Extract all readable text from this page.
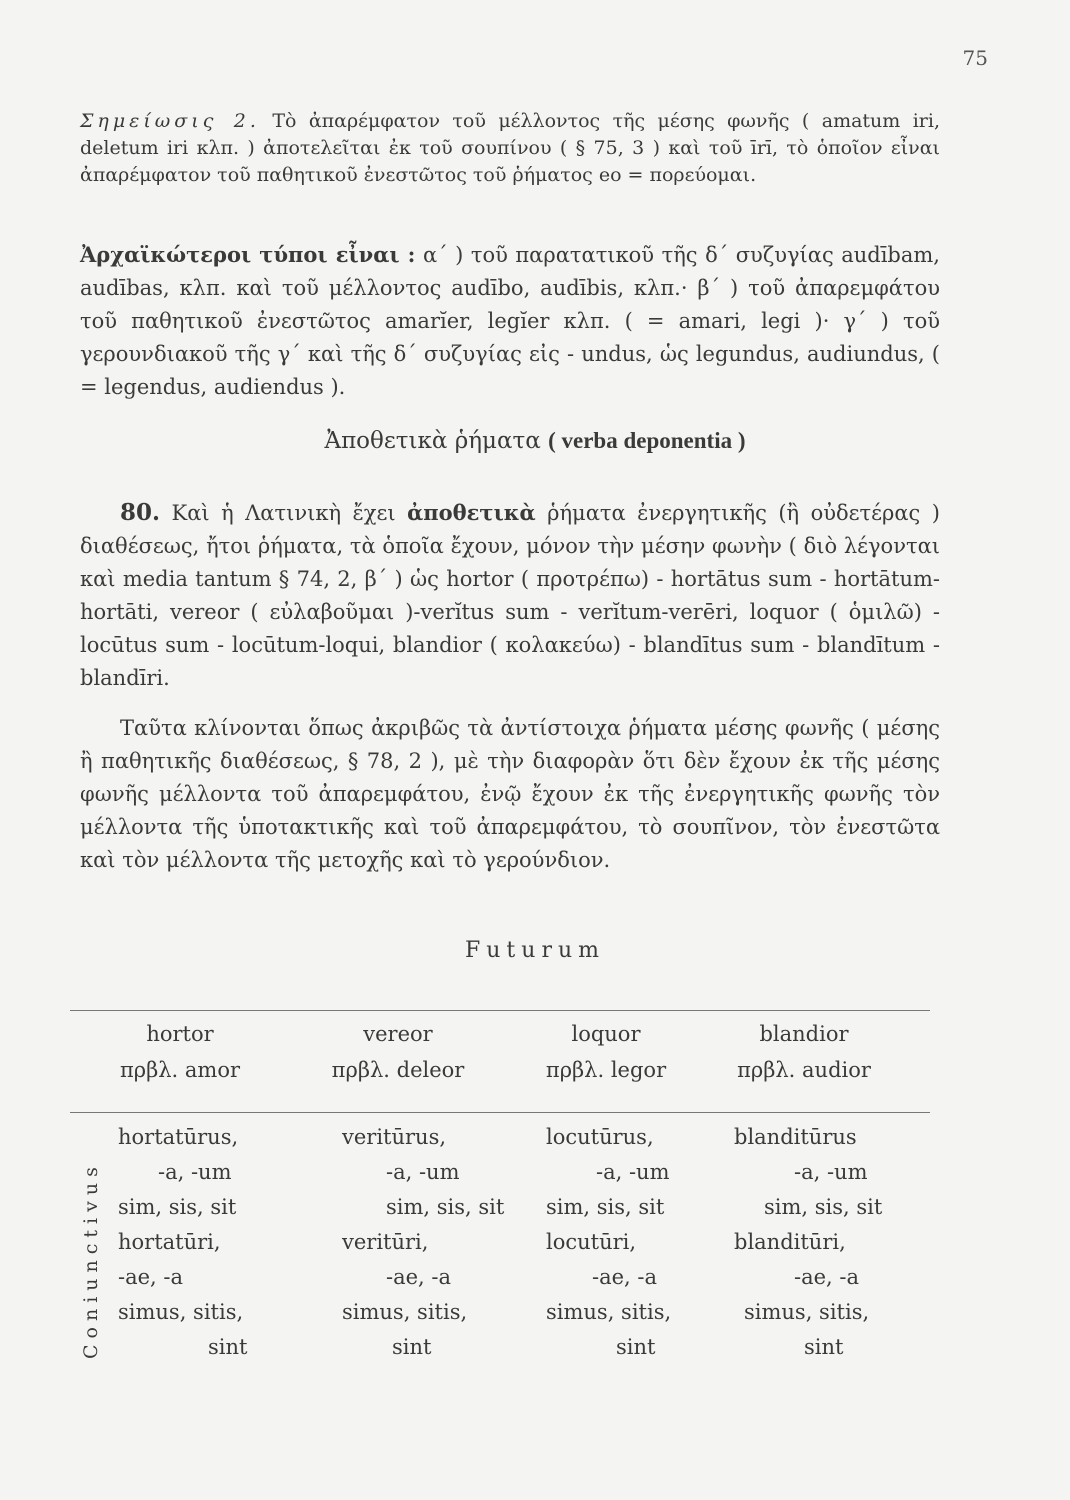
75

Σημείωσις 2. Τὸ ἀπαρέμφατον τοῦ μέλλοντος τῆς μέσης φωνῆς ( amatum iri, deletum iri κλπ. ) ἀποτελεῖται ἐκ τοῦ σουπίνου ( § 75, 3 ) καὶ τοῦ īrī, τὸ ὁποῖον εἶναι ἀπαρέμφατον τοῦ παθητικοῦ ἐνεστῶτος τοῦ ῥήματος eo = πορεύομαι.

Ἀρχαϊκώτεροι τύποι εἶναι : α΄ ) τοῦ παρατατικοῦ τῆς δ΄ συζυγίας audībam, audības, κλπ. καὶ τοῦ μέλλοντος audībo, audībis, κλπ.· β΄ ) τοῦ ἀπαρεμφάτου τοῦ παθητικοῦ ἐνεστῶτος amarĭer, legĭer κλπ. ( = amari, legi )· γ΄ ) τοῦ γερουνδιακοῦ τῆς γ΄ καὶ τῆς δ΄ συζυγίας εἰς - undus, ὡς legundus, audiundus, ( = legendus, audiendus ).

Ἀποθετικὰ ῥήματα ( verba deponentia )

80. Καὶ ἡ Λατινικὴ ἔχει ἀποθετικὰ ῥήματα ἐνεργητικῆς (ἢ οὐδετέρας ) διαθέσεως, ἤτοι ῥήματα, τὰ ὁποῖα ἔχουν, μόνον τὴν μέσην φωνὴν ( διὸ λέγονται καὶ media tantum § 74, 2, β΄ ) ὡς hortor ( προτρέπω) - hortātus sum - hortātum-hortāti, vereor ( εὐλαβοῦμαι )-verĭtus sum - verĭtum-verēri, loquor ( ὁμιλῶ) - locūtus sum - locūtum-loqui, blandior ( κολακεύω) - blandītus sum - blandītum - blandīri.

Ταῦτα κλίνονται ὅπως ἀκριβῶς τὰ ἀντίστοιχα ῥήματα μέσης φωνῆς ( μέσης ἢ παθητικῆς διαθέσεως, § 78, 2 ), μὲ τὴν διαφορὰν ὅτι δὲν ἔχουν ἐκ τῆς μέσης φωνῆς μέλλοντα τοῦ ἀπαρεμφάτου, ἐνῷ ἔχουν ἐκ τῆς ἐνεργητικῆς φωνῆς τὸν μέλλοντα τῆς ὑποτακτικῆς καὶ τοῦ ἀπαρεμφάτου, τὸ σουπῖνον, τὸν ἐνεστῶτα καὶ τὸν μέλλοντα τῆς μετοχῆς καὶ τὸ γερούνδιον.

Futurum
hortor
πρβλ. amor
vereor
πρβλ. deleor
loquor
πρβλ. legor
blandior
πρβλ. audior
Coniunctivus
hortatūrus,
-a, -um
sim, sis, sit
hortatūri,
-ae, -a
simus, sitis,
sint
veritūrus,
-a, -um
sim, sis, sit
veritūri,
-ae, -a
simus, sitis,
sint
locutūrus,
-a, -um
sim, sis, sit
locutūri,
-ae, -a
simus, sitis,
sint
blanditūrus
-a, -um
sim, sis, sit
blanditūri,
-ae, -a
simus, sitis,
sint
